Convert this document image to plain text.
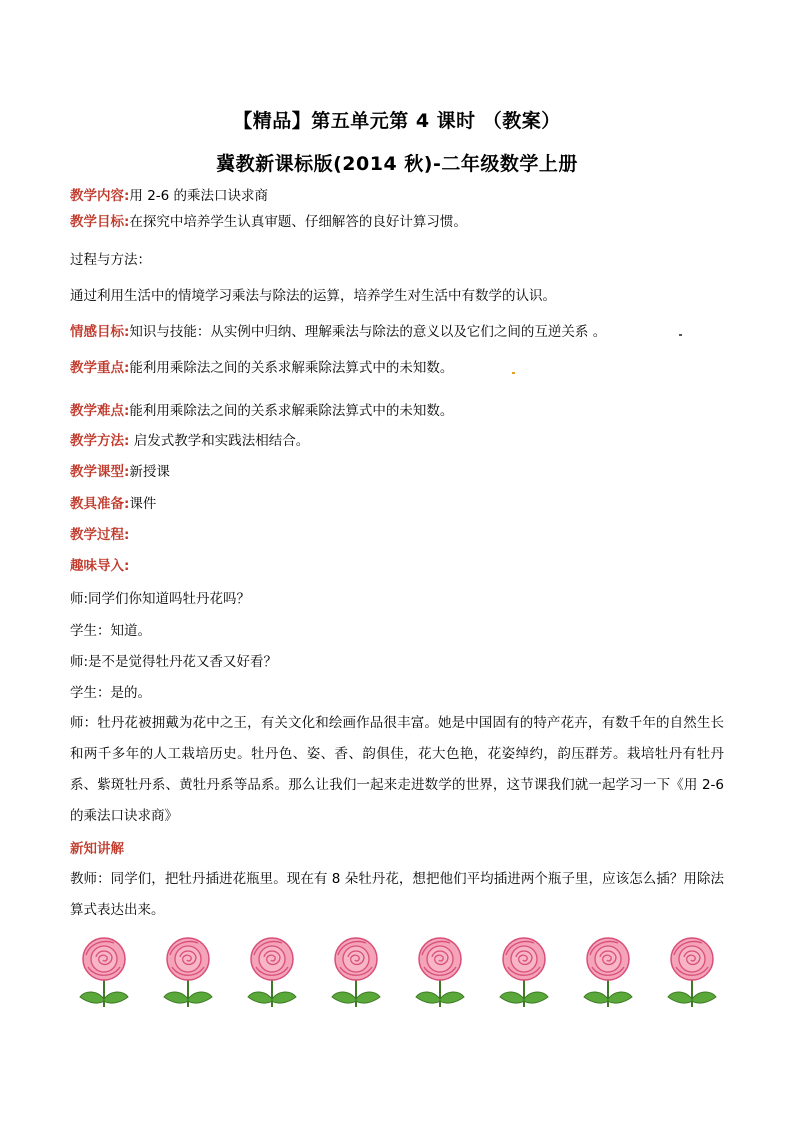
【精品】第五单元第 4 课时 （教案）
冀教新课标版(2014 秋)-二年级数学上册
教学内容:用 2-6 的乘法口诀求商
教学目标:在探究中培养学生认真审题、仔细解答的良好计算习惯。
过程与方法：
通过利用生活中的情境学习乘法与除法的运算，培养学生对生活中有数学的认识。
情感目标:知识与技能：从实例中归纳、理解乘法与除法的意义以及它们之间的互逆关系 。
教学重点:能利用乘除法之间的关系求解乘除法算式中的未知数。
教学难点:能利用乘除法之间的关系求解乘除法算式中的未知数。
教学方法: 启发式教学和实践法相结合。
教学课型:新授课
教具准备:课件
教学过程:
趣味导入:
师:同学们你知道吗牡丹花吗？
学生：知道。
师:是不是觉得牡丹花又香又好看？
学生：是的。
师：牡丹花被拥戴为花中之王，有关文化和绘画作品很丰富。她是中国固有的特产花卉，有数千年的自然生长和两千多年的人工栽培历史。牡丹色、姿、香、韵俱佳，花大色艳，花姿绰约，韵压群芳。栽培牡丹有牡丹系、紫斑牡丹系、黄牡丹系等品系。那么让我们一起来走进数学的世界，这节课我们就一起学习一下《用 2-6 的乘法口诀求商》
新知讲解
教师：同学们，把牡丹插进花瓶里。现在有 8 朵牡丹花，想把他们平均插进两个瓶子里，应该怎么插？用除法算式表达出来。
